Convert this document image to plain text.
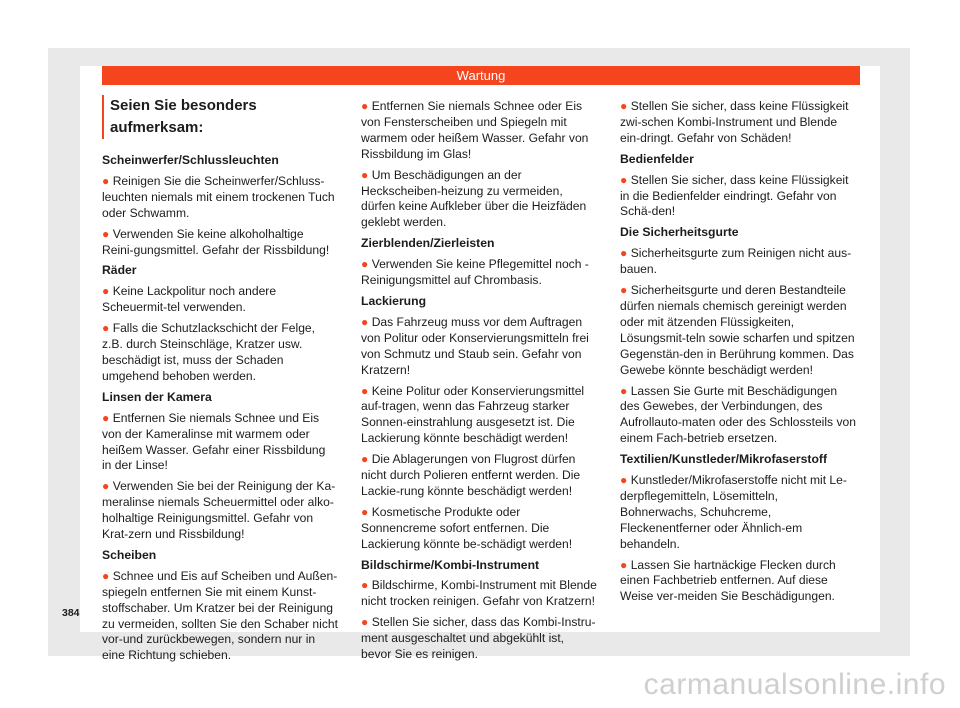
Wartung
Seien Sie besonders aufmerksam:

Scheinwerfer/Schlussleuchten

● Reinigen Sie die Scheinwerfer/Schluss-leuchten niemals mit einem trockenen Tuch oder Schwamm.

● Verwenden Sie keine alkoholhaltige Reini-gungsmittel. Gefahr der Rissbildung!

Räder

● Keine Lackpolitur noch andere Scheuermit-tel verwenden.

● Falls die Schutzlackschicht der Felge, z.B. durch Steinschläge, Kratzer usw. beschädigt ist, muss der Schaden umgehend behoben werden.

Linsen der Kamera

● Entfernen Sie niemals Schnee und Eis von der Kameralinse mit warmem oder heißem Wasser. Gefahr einer Rissbildung in der Linse!

● Verwenden Sie bei der Reinigung der Ka-meralinse niemals Scheuermittel oder alko-holhaltige Reinigungsmittel. Gefahr von Krat-zern und Rissbildung!

Scheiben

● Schnee und Eis auf Scheiben und Außen-spiegeln entfernen Sie mit einem Kunst-stoffschaber. Um Kratzer bei der Reinigung zu vermeiden, sollten Sie den Schaber nicht vor-und zurückbewegen, sondern nur in eine Richtung schieben.

● Entfernen Sie niemals Schnee oder Eis von Fensterscheiben und Spiegeln mit warmem oder heißem Wasser. Gefahr von Rissbildung im Glas!

● Um Beschädigungen an der Heckscheiben-heizung zu vermeiden, dürfen keine Aufkleber über die Heizfäden geklebt werden.

Zierblenden/Zierleisten

● Verwenden Sie keine Pflegemittel noch -Reinigungsmittel auf Chrombasis.

Lackierung

● Das Fahrzeug muss vor dem Auftragen von Politur oder Konservierungsmitteln frei von Schmutz und Staub sein. Gefahr von Kratzern!

● Keine Politur oder Konservierungsmittel auf-tragen, wenn das Fahrzeug starker Sonnen-einstrahlung ausgesetzt ist. Die Lackierung könnte beschädigt werden!

● Die Ablagerungen von Flugrost dürfen nicht durch Polieren entfernt werden. Die Lackie-rung könnte beschädigt werden!

● Kosmetische Produkte oder Sonnencreme sofort entfernen. Die Lackierung könnte be-schädigt werden!

Bildschirme/Kombi-Instrument

● Bildschirme, Kombi-Instrument mit Blende nicht trocken reinigen. Gefahr von Kratzern!

● Stellen Sie sicher, dass das Kombi-Instru-ment ausgeschaltet und abgekühlt ist, bevor Sie es reinigen.

● Stellen Sie sicher, dass keine Flüssigkeit zwi-schen Kombi-Instrument und Blende ein-dringt. Gefahr von Schäden!

Bedienfelder

● Stellen Sie sicher, dass keine Flüssigkeit in die Bedienfelder eindringt. Gefahr von Schä-den!

Die Sicherheitsgurte

● Sicherheitsgurte zum Reinigen nicht aus-bauen.

● Sicherheitsgurte und deren Bestandteile dürfen niemals chemisch gereinigt werden oder mit ätzenden Flüssigkeiten, Lösungsmit-teln sowie scharfen und spitzen Gegenstän-den in Berührung kommen. Das Gewebe könnte beschädigt werden!

● Lassen Sie Gurte mit Beschädigungen des Gewebes, der Verbindungen, des Aufrollauto-maten oder des Schlossteils von einem Fach-betrieb ersetzen.

Textilien/Kunstleder/Mikrofaserstoff

● Kunstleder/Mikrofaserstoffe nicht mit Le-derpflegemitteln, Lösemitteln, Bohnerwachs, Schuhcreme, Fleckenentferner oder Ähnlich-em behandeln.

● Lassen Sie hartnäckige Flecken durch einen Fachbetrieb entfernen. Auf diese Weise ver-meiden Sie Beschädigungen.

384
carmanualsonline.info
